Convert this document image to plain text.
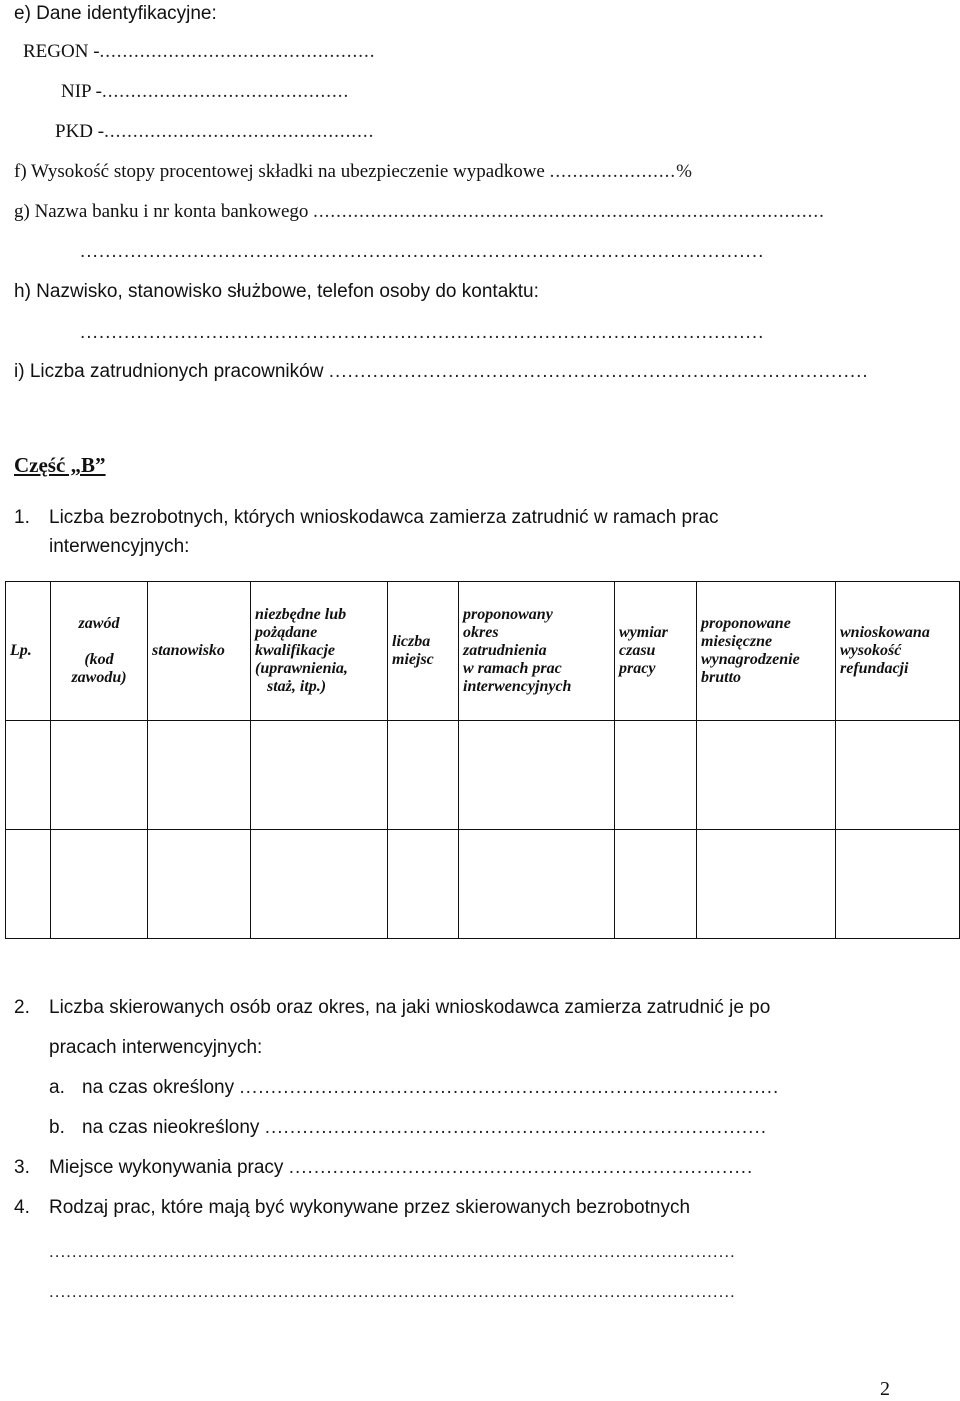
e) Dane identyfikacyjne:
REGON -................................................
NIP -...........................................
PKD -...............................................
f) Wysokość stopy procentowej składki na ubezpieczenie wypadkowe ......................%
g) Nazwa banku i nr konta bankowego .........................................................................................
.............................................................................................................
h) Nazwisko, stanowisko służbowe, telefon osoby do kontaktu:
.............................................................................................................
i) Liczba zatrudnionych pracowników ......................................................................................
Część „B”
1. Liczba bezrobotnych, których wnioskodawca zamierza zatrudnić w ramach prac
interwencyjnych:
Lp.	zawód
(kod
zawodu)	stanowisko	niezbędne lub
pożądane
kwalifikacje
(uprawnienia,
staż, itp.)	liczba
miejsc	proponowany
okres
zatrudnienia
w ramach prac
interwencyjnych	wymiar
czasu
pracy	proponowane
miesięczne
wynagrodzenie
brutto	wnioskowana
wysokość
refundacji

2. Liczba skierowanych osób oraz okres, na jaki wnioskodawca zamierza zatrudnić je po
pracach interwencyjnych:
a. na czas określony ......................................................................................
b. na czas nieokreślony ................................................................................
3. Miejsce wykonywania pracy ..........................................................................
4. Rodzaj prac, które mają być wykonywane przez skierowanych bezrobotnych
........................................................................................................................
........................................................................................................................
2
